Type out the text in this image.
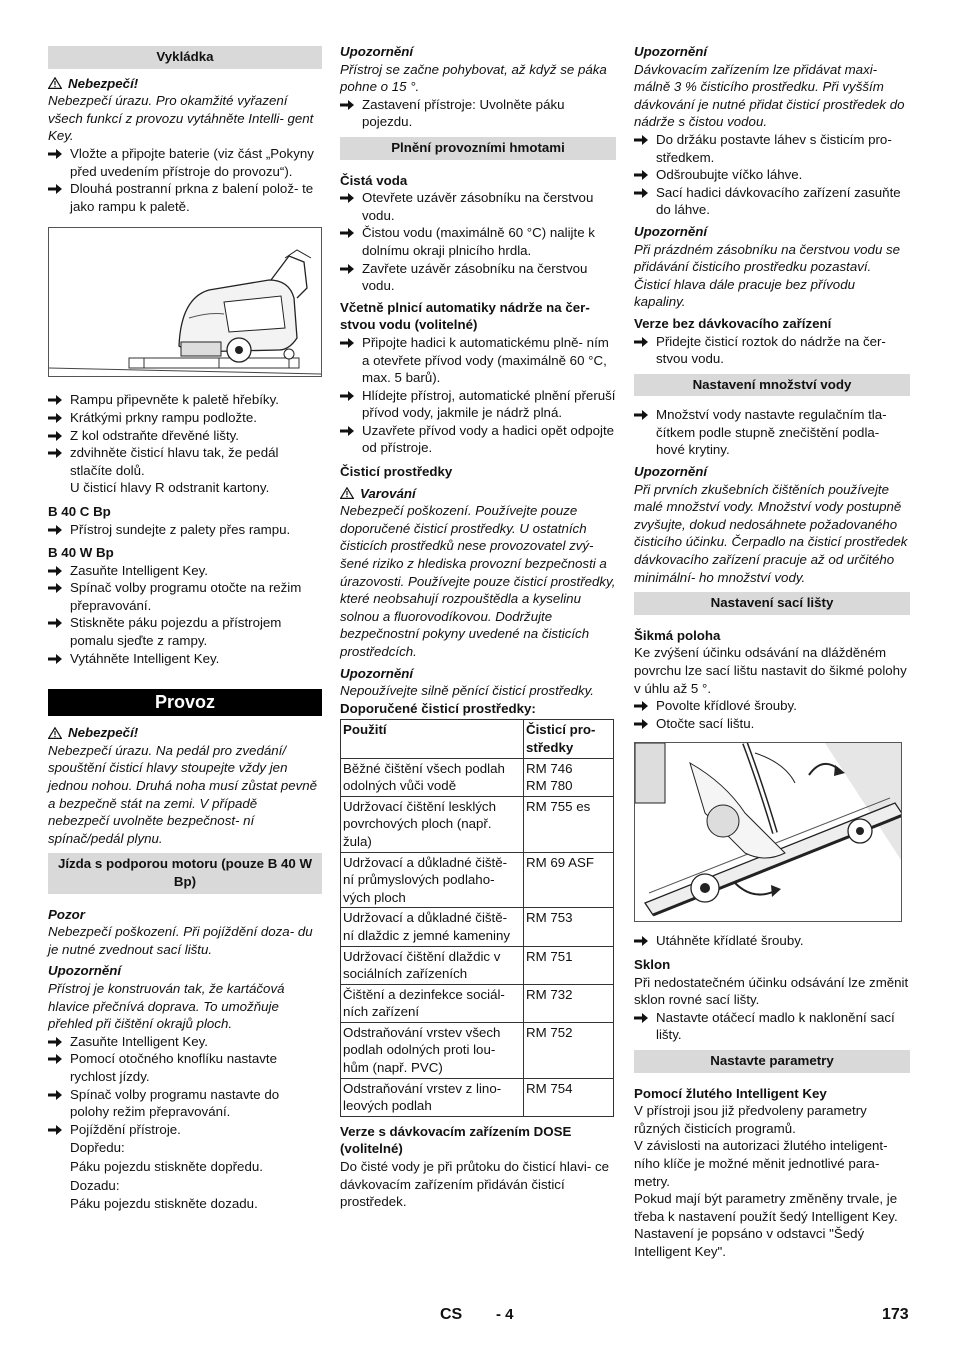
Vykládka
Nebezpečí!

Nebezpečí úrazu. Pro okamžité vyřazení všech funkcí z provozu vytáhněte Intelli- gent Key.

Vložte a připojte baterie (viz část „Pokyny před uvedením přístroje do provozu“).
Dlouhá postranní prkna z balení polož- te jako rampu k paletě.
Rampu připevněte k paletě hřebíky.
Krátkými prkny rampu podložte.
Z kol odstraňte dřevěné lišty.
zdvihněte čisticí hlavu tak, že pedál stlačíte dolů.

U čisticí hlavy R odstranit kartony.

B 40 C Bp

Přístroj sundejte z palety přes rampu.

B 40 W Bp

Zasuňte Intelligent Key.
Spínač volby programu otočte na režim přepravování.
Stiskněte páku pojezdu a přístrojem pomalu sjeďte z rampy.
Vytáhněte Intelligent Key.
Provoz
Nebezpečí!

Nebezpečí úrazu. Na pedál pro zvedání/ spouštění čisticí hlavy stoupejte vždy jen jednou nohou. Druhá noha musí zůstat pevně a bezpečně stát na zemi. V případě nebezpečí uvolněte bezpečnost- ní spínač/pedál plynu.

Jízda s podporou motoru (pouze B 40 W Bp)

Pozor

Nebezpečí poškození. Při pojíždění doza- du je nutné zvednout sací lištu.

Upozornění

Přístroj je konstruován tak, že kartáčová hlavice přečnívá doprava. To umožňuje přehled při čištění okrajů ploch.

Zasuňte Intelligent Key.
Pomocí otočného knoflíku nastavte rychlost jízdy.
Spínač volby programu nastavte do polohy režim přepravování.
Pojíždění přístroje.

Dopředu:

Páku pojezdu stiskněte dopředu.

Dozadu:

Páku pojezdu stiskněte dozadu.

Upozornění

Přístroj se začne pohybovat, až když se páka pohne o 15 °.

Zastavení přístroje: Uvolněte páku pojezdu.
Plnění provozními hmotami

Čistá voda

Otevřete uzávěr zásobníku na čerstvou vodu.
Čistou vodu (maximálně 60 °C) nalijte k dolnímu okraji plnicího hrdla.
Zavřete uzávěr zásobníku na čerstvou vodu.

Včetně plnicí automatiky nádrže na čer- stvou vodu (volitelné)

Připojte hadici k automatickému plně- ním a otevřete přívod vody (maximálně 60 °C, max. 5 barů).
Hlídejte přístroj, automatické plnění přeruší přívod vody, jakmile je nádrž plná.
Uzavřete přívod vody a hadici opět odpojte od přístroje.

Čisticí prostředky

Varování

Nebezpečí poškození. Používejte pouze doporučené čisticí prostředky. U ostatních čisticích prostředků nese provozovatel zvý- šené riziko z hlediska provozní bezpečnosti a úrazovosti. Používejte pouze čisticí prostředky, které neobsahují rozpouštědla a kyselinu solnou a fluorovodíkovou. Dodržujte bezpečnostní pokyny uvedené na čisticích prostředcích.

Upozornění

Nepoužívejte silně pěnící čisticí prostředky.

Doporučené čisticí prostředky:

Použití	Čisticí pro- středky
Běžné čištění všech podlah odolných vůči vodě	RM 746
RM 780
Udržovací čištění lesklých povrchových ploch (např. žula)	RM 755 es
Udržovací a důkladné čiště- ní průmyslových podlaho- vých ploch	RM 69 ASF
Udržovací a důkladné čiště- ní dlaždic z jemné kameniny	RM 753
Udržovací čištění dlaždic v sociálních zařízeních	RM 751
Čištění a dezinfekce sociál- ních zařízení	RM 732
Odstraňování vrstev všech podlah odolných proti lou- hům (např. PVC)	RM 752
Odstraňování vrstev z lino- leových podlah	RM 754

Verze s dávkovacím zařízením DOSE (volitelné)

Do čisté vody je při průtoku do čisticí hlavi- ce dávkovacím zařízením přidáván čisticí prostředek.

Upozornění

Dávkovacím zařízením lze přidávat maxi- málně 3 % čisticího prostředku. Při vyšším dávkování je nutné přidat čisticí prostředek do nádrže s čistou vodou.

Do držáku postavte láhev s čisticím pro- středkem.
Odšroubujte víčko láhve.
Sací hadici dávkovacího zařízení zasuňte do láhve.

Upozornění

Při prázdném zásobníku na čerstvou vodu se přidávání čisticího prostředku pozastaví. Čisticí hlava dále pracuje bez přívodu kapaliny.

Verze bez dávkovacího zařízení

Přidejte čisticí roztok do nádrže na čer- stvou vodu.
Nastavení množství vody
Množství vody nastavte regulačním tla- čítkem podle stupně znečištění podla- hové krytiny.

Upozornění

Při prvních zkušebních čištěních používejte malé množství vody. Množství vody postupně zvyšujte, dokud nedosáhnete požadovaného čisticího účinku. Čerpadlo na čisticí prostředek dávkovacího zařízení pracuje až od určitého minimální- ho množství vody.

Nastavení sací lišty

Šikmá poloha

Ke zvýšení účinku odsávání na dlážděném povrchu lze sací lištu nastavit do šikmé polohy v úhlu až 5 °.

Povolte křídlové šrouby.
Otočte sací lištu.
Utáhněte křídlaté šrouby.

Sklon

Při nedostatečném účinku odsávání lze změnit sklon rovné sací lišty.

Nastavte otáčecí madlo k naklonění sací lišty.
Nastavte parametry

Pomocí žlutého Intelligent Key

V přístroji jsou již předvoleny parametry různých čisticích programů.

V závislosti na autorizaci žlutého inteligent- ního klíče je možné měnit jednotlivé para- metry.

Pokud mají být parametry změněny trvale, je třeba k nastavení použít šedý Intelligent Key. Nastavení je popsáno v odstavci "Šedý Intelligent Key".

CS - 4	173
